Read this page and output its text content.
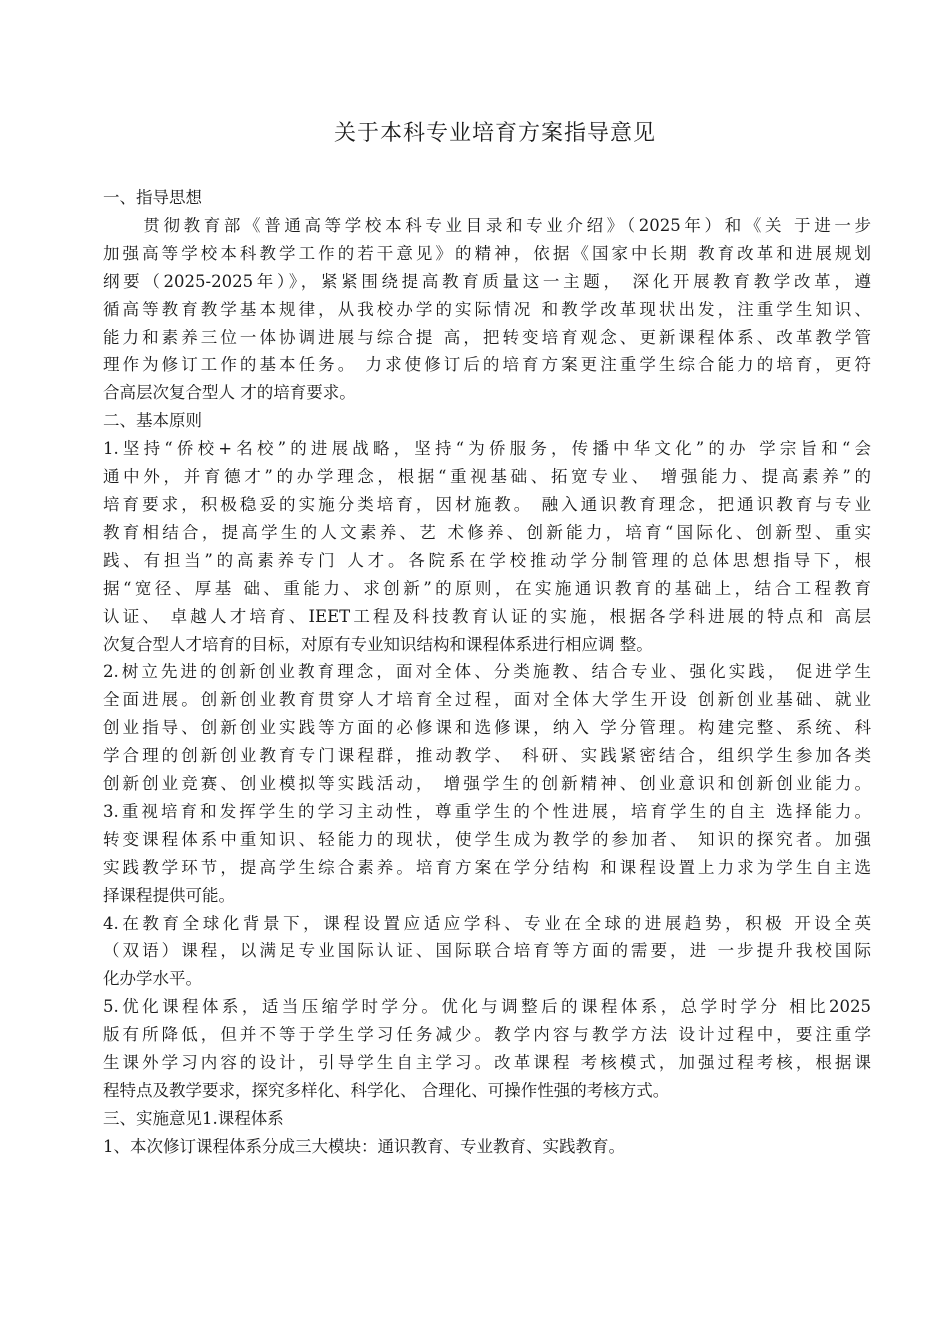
关于本科专业培育方案指导意见
一、指导思想
　　贯彻教育部《普通高等学校本科专业目录和专业介绍》（2025年）和《关 于进一步
加强高等学校本科教学工作的若干意见》的精神，依据《国家中长期 教育改革和进展规划
纲要（2025-2025年）》，紧紧围绕提高教育质量这一主题， 深化开展教育教学改革，遵
循高等教育教学基本规律，从我校办学的实际情况 和教学改革现状出发，注重学生知识、
能力和素养三位一体协调进展与综合提 高，把转变培育观念、更新课程体系、改革教学管
理作为修订工作的基本任务。 力求使修订后的培育方案更注重学生综合能力的培育，更符
合高层次复合型人 才的培育要求。
二、基本原则
1.坚持“侨校+名校”的进展战略，坚持“为侨服务，传播中华文化”的办 学宗旨和“会
通中外，并育德才”的办学理念，根据“重视基础、拓宽专业、 增强能力、提高素养”的
培育要求，积极稳妥的实施分类培育，因材施教。 融入通识教育理念，把通识教育与专业
教育相结合，提高学生的人文素养、艺 术修养、创新能力，培育“国际化、创新型、重实
践、有担当”的高素养专门 人才。各院系在学校推动学分制管理的总体思想指导下，根
据“宽径、厚基 础、重能力、求创新”的原则，在实施通识教育的基础上，结合工程教育
认证、 卓越人才培育、IEET工程及科技教育认证的实施，根据各学科进展的特点和 高层
次复合型人才培育的目标，对原有专业知识结构和课程体系进行相应调 整。
2.树立先进的创新创业教育理念，面对全体、分类施教、结合专业、强化实践， 促进学生
全面进展。创新创业教育贯穿人才培育全过程，面对全体大学生开设 创新创业基础、就业
创业指导、创新创业实践等方面的必修课和选修课，纳入 学分管理。构建完整、系统、科
学合理的创新创业教育专门课程群，推动教学、 科研、实践紧密结合，组织学生参加各类
创新创业竞赛、创业模拟等实践活动， 增强学生的创新精神、创业意识和创新创业能力。
3.重视培育和发挥学生的学习主动性，尊重学生的个性进展，培育学生的自主 选择能力。
转变课程体系中重知识、轻能力的现状，使学生成为教学的参加者、 知识的探究者。加强
实践教学环节，提高学生综合素养。培育方案在学分结构 和课程设置上力求为学生自主选
择课程提供可能。
4.在教育全球化背景下，课程设置应适应学科、专业在全球的进展趋势，积极 开设全英
（双语）课程，以满足专业国际认证、国际联合培育等方面的需要，进 一步提升我校国际
化办学水平。
5.优化课程体系，适当压缩学时学分。优化与调整后的课程体系，总学时学分 相比2025
版有所降低，但并不等于学生学习任务减少。教学内容与教学方法 设计过程中，要注重学
生课外学习内容的设计，引导学生自主学习。改革课程 考核模式，加强过程考核，根据课
程特点及教学要求，探究多样化、科学化、 合理化、可操作性强的考核方式。
三、实施意见1.课程体系
1、本次修订课程体系分成三大模块：通识教育、专业教育、实践教育。
